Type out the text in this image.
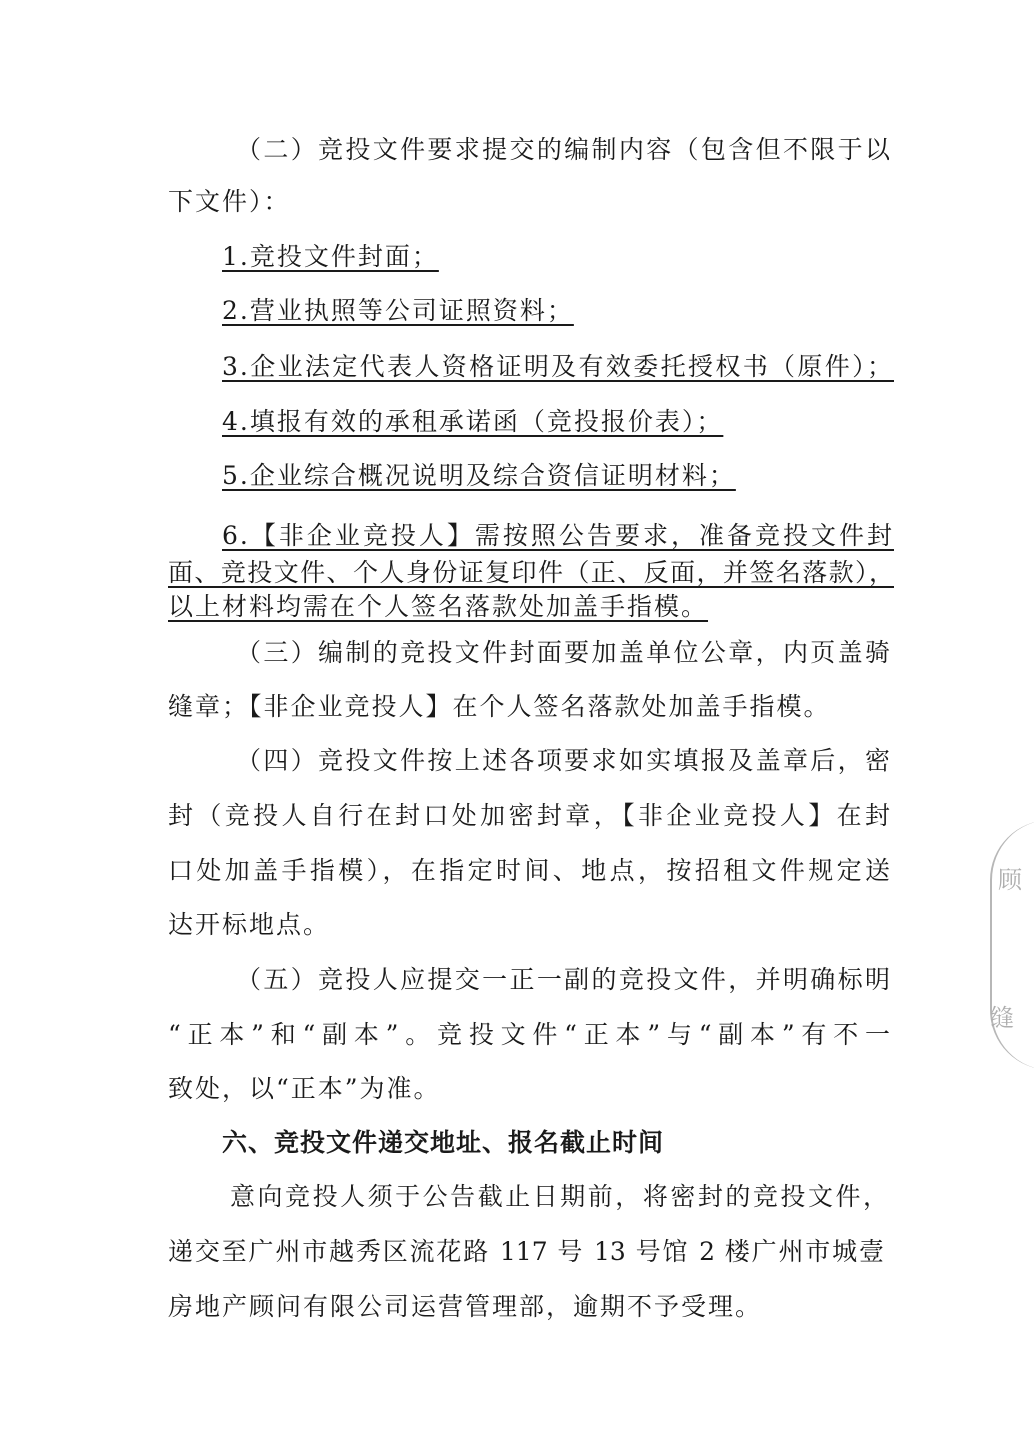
（二）竞投文件要求提交的编制内容（包含但不限于以
下文件）：
1.竞投文件封面；
2.营业执照等公司证照资料；
3.企业法定代表人资格证明及有效委托授权书（原件）；
4.填报有效的承租承诺函（竞投报价表）；
5.企业综合概况说明及综合资信证明材料；
6.【非企业竞投人】需按照公告要求，准备竞投文件封
面、竞投文件、个人身份证复印件（正、反面，并签名落款），
以上材料均需在个人签名落款处加盖手指模。
（三）编制的竞投文件封面要加盖单位公章，内页盖骑
缝章；【非企业竞投人】在个人签名落款处加盖手指模。
（四）竞投文件按上述各项要求如实填报及盖章后，密
封（竞投人自行在封口处加密封章，【非企业竞投人】在封
口处加盖手指模），在指定时间、地点，按招租文件规定送
达开标地点。
（五）竞投人应提交一正一副的竞投文件，并明确标明
“正本”和“副本”。竞投文件“正本”与“副本”有不一
致处，以“正本”为准。
六、竞投文件递交地址、报名截止时间
意向竞投人须于公告截止日期前，将密封的竞投文件，
递交至广州市越秀区流花路 117 号 13 号馆 2 楼广州市城壹
房地产顾问有限公司运营管理部，逾期不予受理。
顾
缝
